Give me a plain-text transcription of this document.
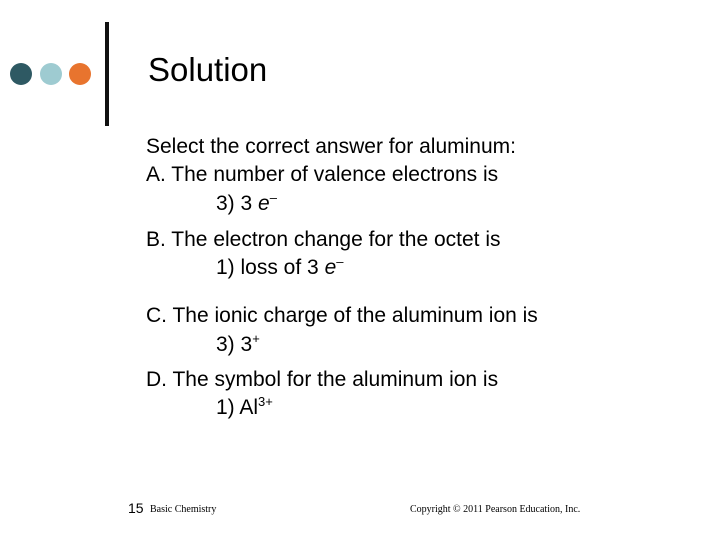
Solution
Select the correct answer for aluminum:
A. The number of valence electrons is
3) 3 e–
B. The electron change for the octet is
1) loss of 3 e–
C. The ionic charge of the aluminum ion is
3) 3+
D. The symbol for the aluminum ion is
1) $Al^{3+}$
15 Basic Chemistry	Copyright © 2011 Pearson Education, Inc.
